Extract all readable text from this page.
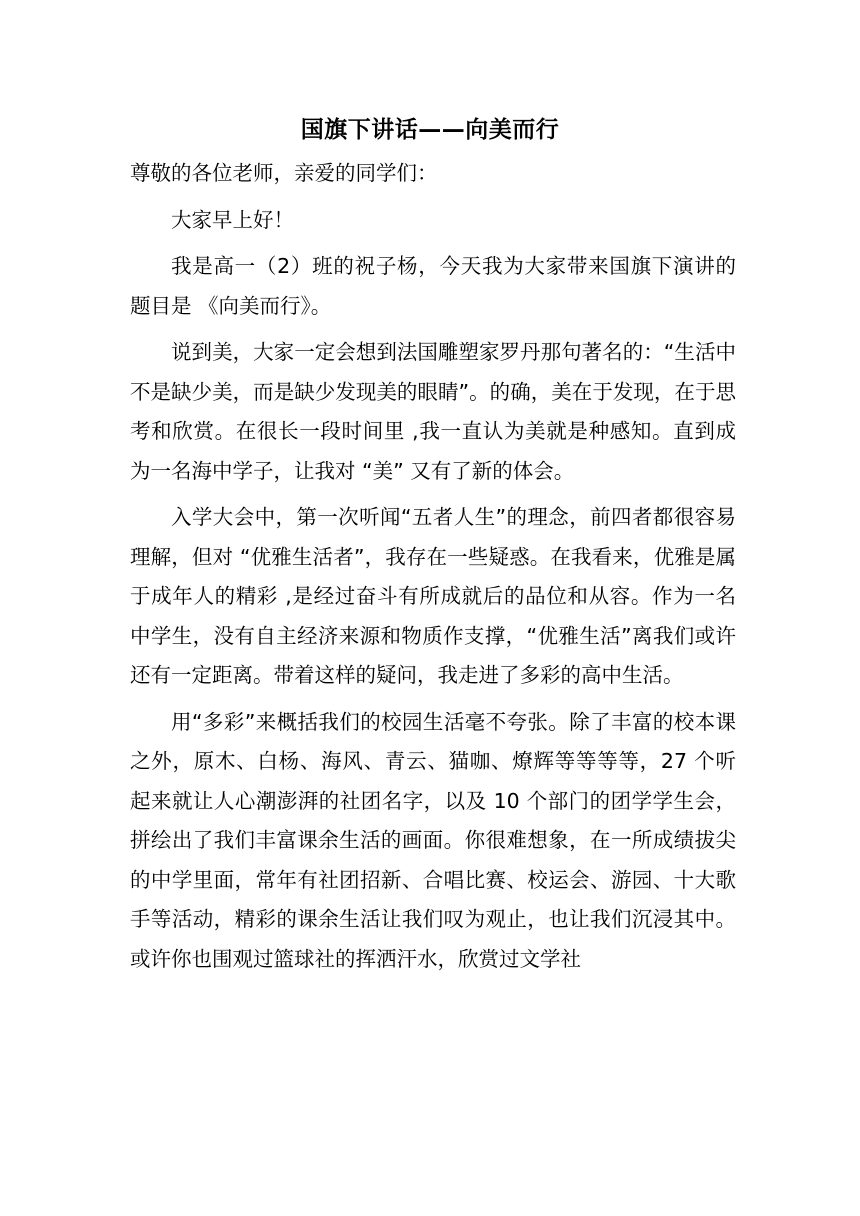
国旗下讲话——向美而行

尊敬的各位老师，亲爱的同学们：

大家早上好！

我是高一（2）班的祝子杨，今天我为大家带来国旗下演讲的题目是 《向美而行》。

说到美，大家一定会想到法国雕塑家罗丹那句著名的：“生活中不是缺少美，而是缺少发现美的眼睛”。的确，美在于发现，在于思考和欣赏。在很长一段时间里 ,我一直认为美就是种感知。直到成为一名海中学子，让我对 “美” 又有了新的体会。

入学大会中，第一次听闻“五者人生”的理念，前四者都很容易理解，但对 “优雅生活者”，我存在一些疑惑。在我看来，优雅是属于成年人的精彩 ,是经过奋斗有所成就后的品位和从容。作为一名中学生，没有自主经济来源和物质作支撑，“优雅生活”离我们或许还有一定距离。带着这样的疑问，我走进了多彩的高中生活。

用“多彩”来概括我们的校园生活毫不夸张。除了丰富的校本课之外，原木、白杨、海风、青云、猫咖、燎辉等等等等，27 个听起来就让人心潮澎湃的社团名字，以及 10 个部门的团学学生会，拼绘出了我们丰富课余生活的画面。你很难想象，在一所成绩拔尖的中学里面，常年有社团招新、合唱比赛、校运会、游园、十大歌手等活动，精彩的课余生活让我们叹为观止，也让我们沉浸其中。或许你也围观过篮球社的挥洒汗水，欣赏过文学社
